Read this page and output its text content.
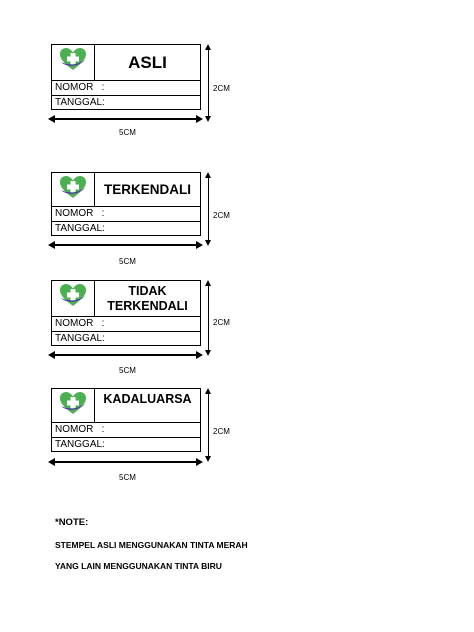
ASLI
NOMOR   :
TANGGAL:
2CM
5CM
TERKENDALI
NOMOR   :
TANGGAL:
2CM
5CM
TIDAK
TERKENDALI
NOMOR   :
TANGGAL:
2CM
5CM
KADALUARSA
NOMOR   :
TANGGAL:
2CM
5CM
*NOTE:
STEMPEL ASLI MENGGUNAKAN TINTA MERAH
YANG LAIN MENGGUNAKAN TINTA BIRU
